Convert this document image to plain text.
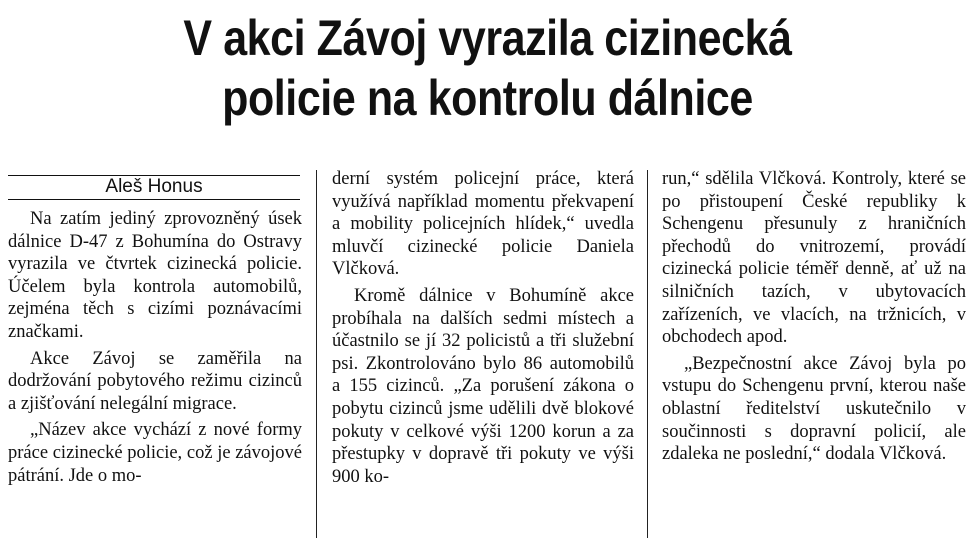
V akci Závoj vyrazila cizinecká
policie na kontrolu dálnice
Aleš Honus

Na zatím jediný zprovozněný úsek dálnice D-47 z Bohumína do Ostravy vyrazila ve čtvrtek cizinecká policie. Účelem byla kontrola automobilů, zejména těch s cizími poznávacími značkami.

Akce Závoj se zaměřila na dodržování pobytového režimu cizinců a zjišťování nelegální migrace.

„Název akce vychází z nové formy práce cizinecké policie, což je závojové pátrání. Jde o mo-

derní systém policejní práce, která využívá například momentu překvapení a mobility policejních hlídek,“ uvedla mluvčí cizinecké policie Daniela Vlčková.

Kromě dálnice v Bohumíně akce probíhala na dalších sedmi místech a účastnilo se jí 32 policistů a tři služební psi. Zkontrolováno bylo 86 automobilů a 155 cizinců. „Za porušení zákona o pobytu cizinců jsme udělili dvě blokové pokuty v celkové výši 1200 korun a za přestupky v dopravě tři pokuty ve výši 900 ko-

run,“ sdělila Vlčková. Kontroly, které se po přistoupení České republiky k Schengenu přesunuly z hraničních přechodů do vnitrozemí, provádí cizinecká policie téměř denně, ať už na silničních tazích, v ubytovacích zařízeních, ve vlacích, na tržnicích, v obchodech apod.

„Bezpečnostní akce Závoj byla po vstupu do Schengenu první, kterou naše oblastní ředitelství uskutečnilo v součinnosti s dopravní policií, ale zdaleka ne poslední,“ dodala Vlčková.
